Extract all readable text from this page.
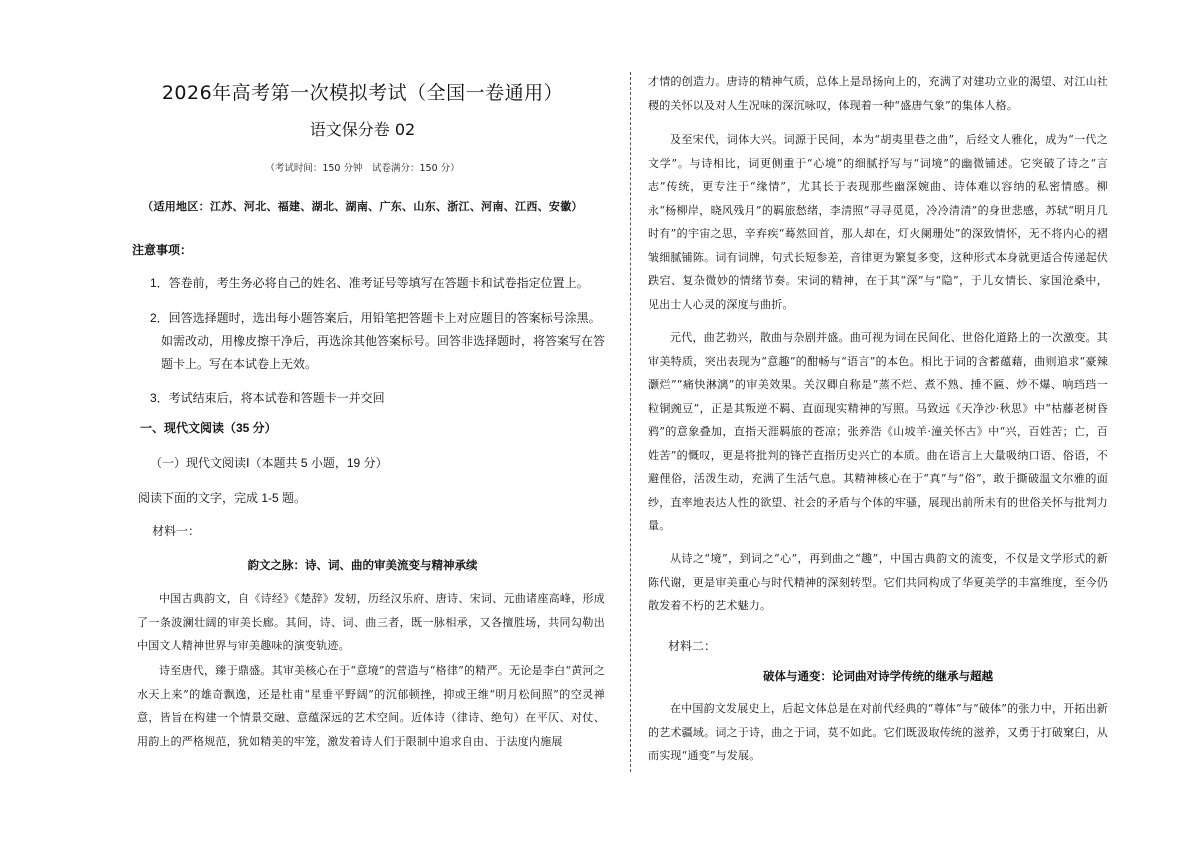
2026年高考第一次模拟考试（全国一卷通用）
语文保分卷 02
（考试时间：150 分钟　试卷满分：150 分）
（适用地区：江苏、河北、福建、湖北、湖南、广东、山东、浙江、河南、江西、安徽）
注意事项：
1．答卷前，考生务必将自己的姓名、准考证号等填写在答题卡和试卷指定位置上。
2．回答选择题时，选出每小题答案后，用铅笔把答题卡上对应题目的答案标号涂黑。如需改动，用橡皮擦干净后，再选涂其他答案标号。回答非选择题时，将答案写在答题卡上。写在本试卷上无效。
3．考试结束后，将本试卷和答题卡一并交回
一、现代文阅读（35 分）
（一）现代文阅读Ⅰ（本题共 5 小题，19 分）
阅读下面的文字，完成 1-5 题。
材料一：
韵文之脉：诗、词、曲的审美流变与精神承续
中国古典韵文，自《诗经》《楚辞》发轫，历经汉乐府、唐诗、宋词、元曲诸座高峰，形成了一条波澜壮阔的审美长廊。其间，诗、词、曲三者，既一脉相承，又各擅胜场，共同勾勒出中国文人精神世界与审美趣味的演变轨迹。
诗至唐代，臻于鼎盛。其审美核心在于“意境”的营造与“格律”的精严。无论是李白“黄河之水天上来”的雄奇飘逸，还是杜甫“星垂平野阔”的沉郁顿挫，抑或王维“明月松间照”的空灵禅意，皆旨在构建一个情景交融、意蕴深远的艺术空间。近体诗（律诗、绝句）在平仄、对仗、用韵上的严格规范，犹如精美的牢笼，激发着诗人们于限制中追求自由、于法度内施展
才情的创造力。唐诗的精神气质，总体上是昂扬向上的，充满了对建功立业的渴望、对江山社稷的关怀以及对人生况味的深沉咏叹，体现着一种“盛唐气象”的集体人格。
及至宋代，词体大兴。词源于民间，本为“胡夷里巷之曲”，后经文人雅化，成为“一代之文学”。与诗相比，词更侧重于“心境”的细腻抒写与“词境”的幽微铺述。它突破了诗之“言志”传统，更专注于“缘情”，尤其长于表现那些幽深婉曲、诗体难以容纳的私密情感。柳永“杨柳岸，晓风残月”的羁旅愁绪，李清照“寻寻觅觅，冷冷清清”的身世悲感，苏轼“明月几时有”的宇宙之思，辛弃疾“蓦然回首，那人却在，灯火阑珊处”的深致情怀，无不将内心的褶皱细腻铺陈。词有词牌，句式长短参差，音律更为繁复多变，这种形式本身就更适合传递起伏跌宕、复杂微妙的情绪节奏。宋词的精神，在于其“深”与“隐”，于儿女情长、家国沧桑中，见出士人心灵的深度与曲折。
元代，曲艺勃兴，散曲与杂剧并盛。曲可视为词在民间化、世俗化道路上的一次激变。其审美特质，突出表现为“意趣”的酣畅与“语言”的本色。相比于词的含蓄蕴藉，曲则追求“豪辣灏烂”“痛快淋漓”的审美效果。关汉卿自称是“蒸不烂、煮不熟、捶不匾、炒不爆、响珰珰一粒铜豌豆”，正是其叛逆不羁、直面现实精神的写照。马致远《天净沙·秋思》中“枯藤老树昏鸦”的意象叠加，直指天涯羁旅的苍凉；张养浩《山坡羊·潼关怀古》中“兴，百姓苦；亡，百姓苦”的慨叹，更是将批判的锋芒直指历史兴亡的本质。曲在语言上大量吸纳口语、俗语，不避俚俗，活泼生动，充满了生活气息。其精神核心在于“真”与“俗”，敢于撕破温文尔雅的面纱，直率地表达人性的欲望、社会的矛盾与个体的牢骚，展现出前所未有的世俗关怀与批判力量。
从诗之“境”，到词之“心”，再到曲之“趣”，中国古典韵文的流变，不仅是文学形式的新陈代谢，更是审美重心与时代精神的深刻转型。它们共同构成了华夏美学的丰富维度，至今仍散发着不朽的艺术魅力。
材料二：
破体与通变：论词曲对诗学传统的继承与超越
在中国韵文发展史上，后起文体总是在对前代经典的“尊体”与“破体”的张力中，开拓出新的艺术疆域。词之于诗，曲之于词，莫不如此。它们既汲取传统的滋养，又勇于打破窠臼，从而实现“通变”与发展。
